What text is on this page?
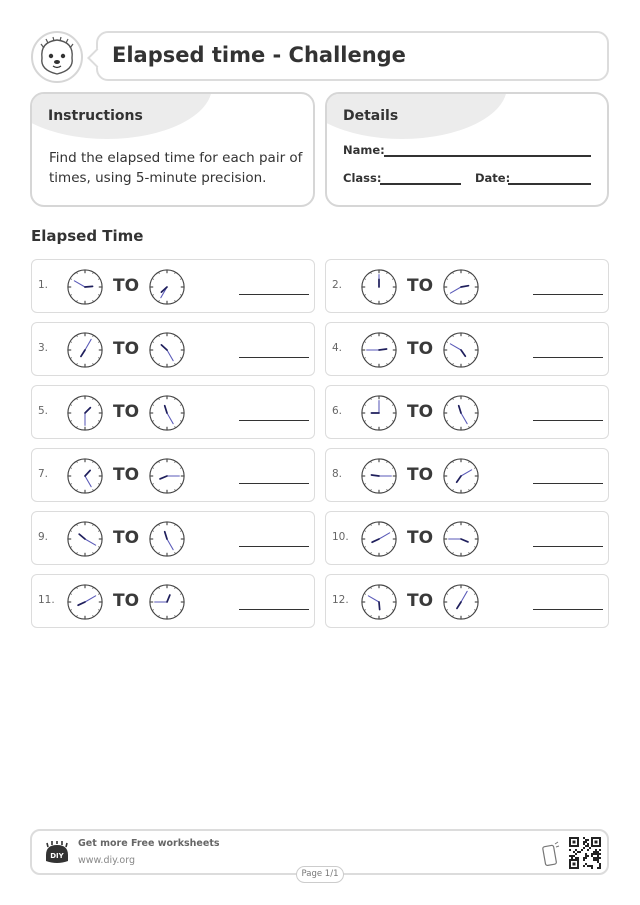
Elapsed time - Challenge
Instructions
Find the elapsed time for each pair of times, using 5-minute precision.
Details
Name:
Class:	Date:
Elapsed Time
1.	TO	2.	TO
3.	TO	4.	TO
5.	TO	6.	TO
7.	TO	8.	TO
9.	TO	10.	TO
11.	TO	12.	TO
DIY
Get more Free worksheets
www.diy.org
Page 1/1
